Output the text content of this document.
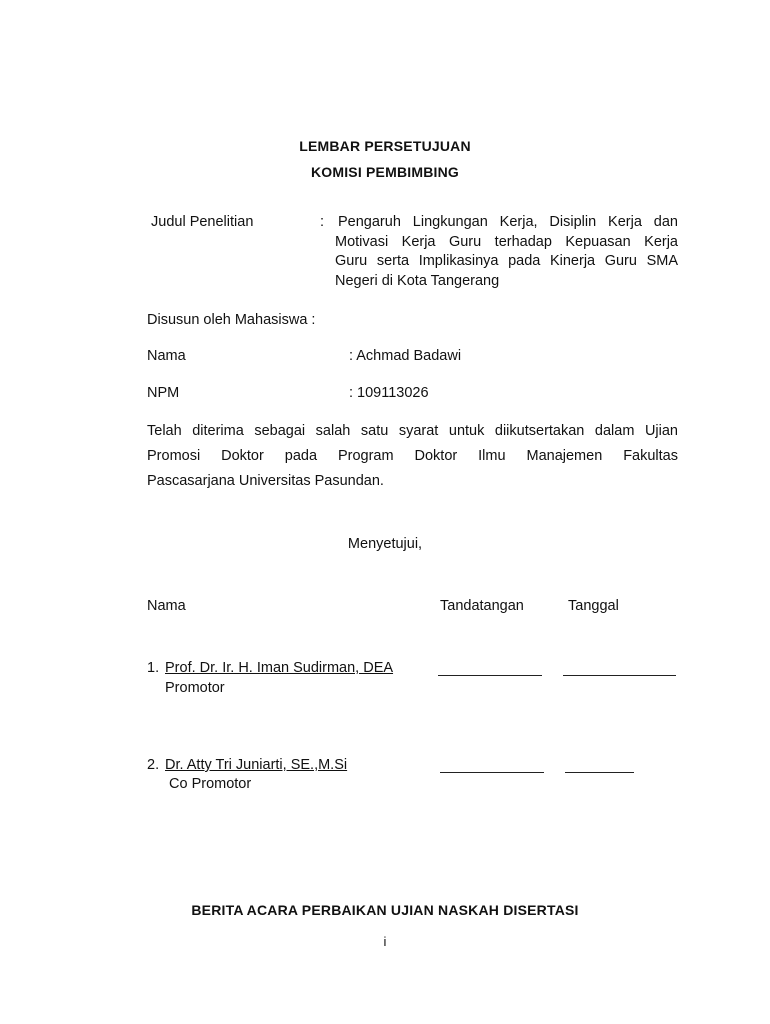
LEMBAR PERSETUJUAN
KOMISI PEMBIMBING
Judul Penelitian	: Pengaruh Lingkungan Kerja, Disiplin Kerja dan
Motivasi Kerja Guru terhadap Kepuasan Kerja
Guru serta Implikasinya pada Kinerja Guru SMA
Negeri di Kota Tangerang
Disusun oleh Mahasiswa :
Nama	: Achmad Badawi
NPM	: 109113026
Telah diterima sebagai salah satu syarat untuk diikutsertakan dalam Ujian
Promosi Doktor pada Program Doktor Ilmu Manajemen Fakultas
Pascasarjana Universitas Pasundan.
Menyetujui,
Nama	Tandatangan	Tanggal
1. Prof. Dr. Ir. H. Iman Sudirman, DEA
Promotor
2. Dr. Atty Tri Juniarti, SE.,M.Si
Co Promotor
BERITA ACARA PERBAIKAN UJIAN NASKAH DISERTASI
i
